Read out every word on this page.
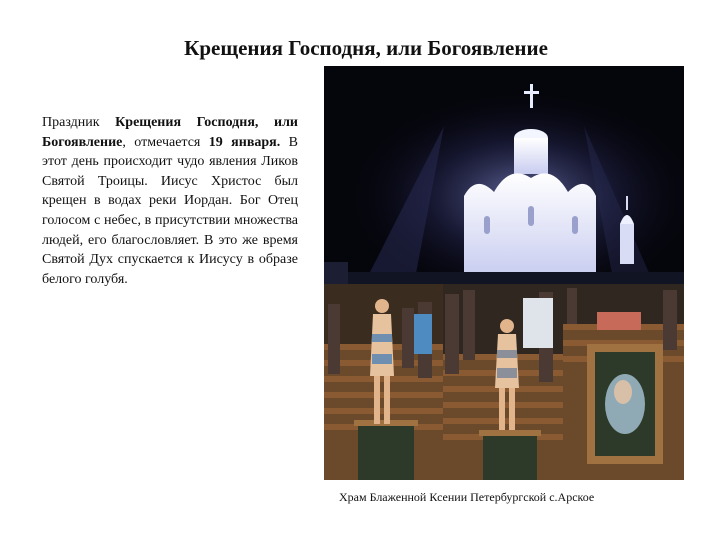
Крещения Господня, или Богоявление
Праздник Крещения Господня, или Богоявление, отмечается 19 января. В этот день происходит чудо явления Ликов Святой Троицы. Иисус Христос был крещен в водах реки Иордан. Бог Отец голосом с небес, в присутствии множества людей, его благословляет. В это же время Святой Дух спускается к Иисусу в образе белого голубя.
Храм Блаженной Ксении Петербургской с.Арское
